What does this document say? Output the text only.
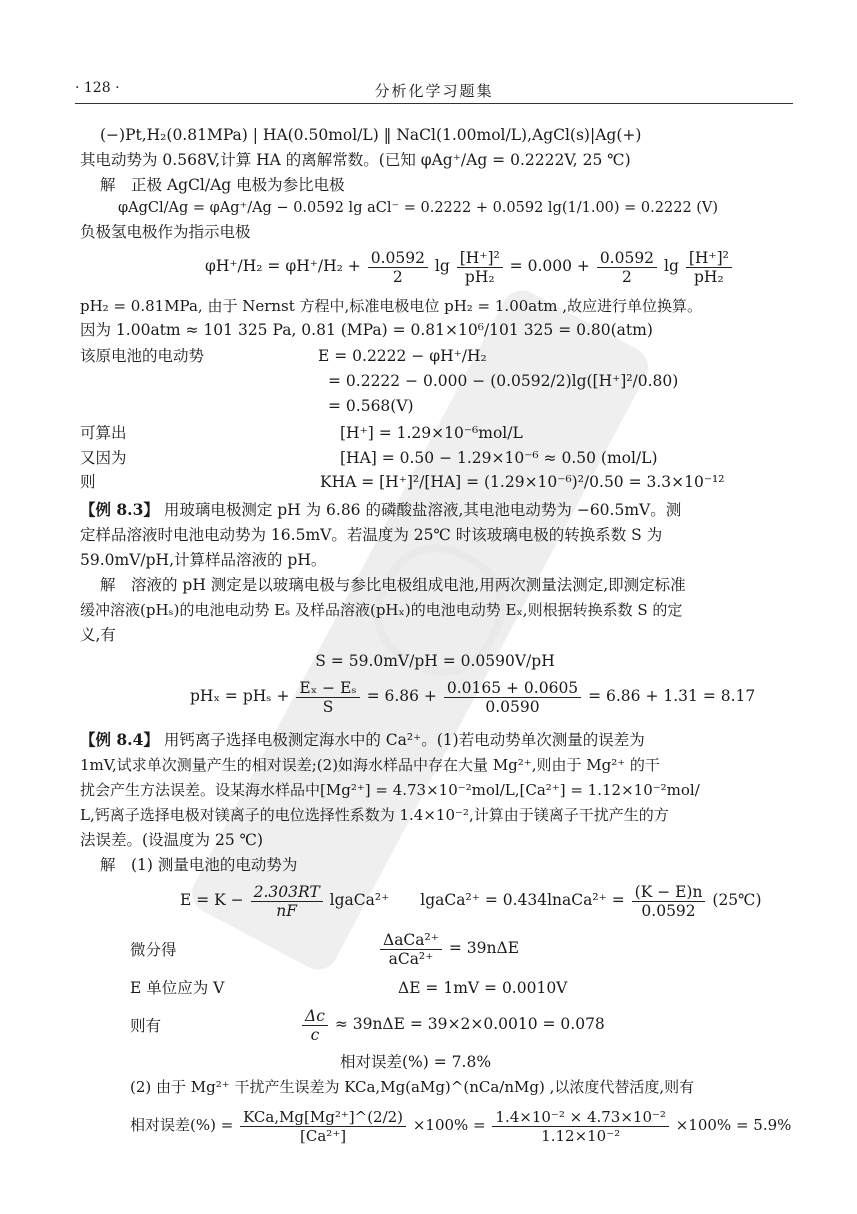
· 128 ·	分析化学习题集
(−)Pt,H₂(0.81MPa) | HA(0.50mol/L) ‖ NaCl(1.00mol/L),AgCl(s)|Ag(+)
其电动势为 0.568V,计算 HA 的离解常数。(已知 φAg⁺/Ag = 0.2222V, 25 ℃)
解　正极 AgCl/Ag 电极为参比电极
φAgCl/Ag = φAg⁺/Ag − 0.0592 lg aCl⁻ = 0.2222 + 0.0592 lg(1/1.00) = 0.2222 (V)
负极氢电极作为指示电极
$\varphi H^+/H_2 = \varphi H^+/H_2 + \frac{0.0592}{2}$ $\lg \frac{\text{[H⁺]²}}{\text{pH₂}} = 0.000 + \frac{0.0592}{2}$ $\lg \frac{\text{[H⁺]²}}{\text{pH₂}}$
pH₂ = 0.81MPa, 由于 Nernst 方程中,标准电极电位 pH₂ = 1.00atm ,故应进行单位换算。
因为 1.00atm ≈ 101 325 Pa, 0.81 (MPa) = 0.81×10⁶/101 325 = 0.80(atm)
该原电池的电动势	E = 0.2222 − φH⁺/H₂
= 0.2222 − 0.000 − (0.0592/2)lg([H⁺]²/0.80)
= 0.568(V)
可算出	[H⁺] = 1.29×10⁻⁶mol/L
又因为	[HA] = 0.50 − 1.29×10⁻⁶ ≈ 0.50 (mol/L)
则	KHA = [H⁺]²/[HA] = (1.29×10⁻⁶)²/0.50 = 3.3×10⁻¹²
【例 8.3】 用玻璃电极测定 pH 为 6.86 的磷酸盐溶液,其电池电动势为 −60.5mV。测
定样品溶液时电池电动势为 16.5mV。若温度为 25℃ 时该玻璃电极的转换系数 S 为
59.0mV/pH,计算样品溶液的 pH。
解　溶液的 pH 测定是以玻璃电极与参比电极组成电池,用两次测量法测定,即测定标准
缓冲溶液(pHₛ)的电池电动势 Eₛ 及样品溶液(pHₓ)的电池电动势 Eₓ,则根据转换系数 S 的定
义,有
S = 59.0mV/pH = 0.0590V/pH
$pH_x = pH_s + \frac{\text{Eₓ − Eₛ}}{S} = 6.86 + \frac{0.0165 + 0.0605}{0.0590} = 6.86 + 1.31 = 8.17$
【例 8.4】 用钙离子选择电极测定海水中的 Ca²⁺。(1)若电动势单次测量的误差为
1mV,试求单次测量产生的相对误差;(2)如海水样品中存在大量 Mg²⁺,则由于 Mg²⁺ 的干
扰会产生方法误差。设某海水样品中[Mg²⁺] = 4.73×10⁻²mol/L,[Ca²⁺] = 1.12×10⁻²mol/
L,钙离子选择电极对镁离子的电位选择性系数为 1.4×10⁻²,计算由于镁离子干扰产生的方
法误差。(设温度为 25 ℃)
解　(1) 测量电池的电动势为
$E = K - \frac{2.303RT}{nF}$ lgaCa²⁺　　lgaCa²⁺ = 0.434lnaCa²⁺ = $\frac{(K - E)n}{0.0592}$ (25℃)
微分得	$\frac{\text{ΔaCa²⁺}}{\text{aCa²⁺}} = 39n\Delta E$
E 单位应为 V	ΔE = 1mV = 0.0010V
则有	$\frac{\Delta c}{c} \approx 39n\Delta E = 39\times 2\times 0.0010 = 0.078$
相对误差(%) = 7.8%
(2) 由于 Mg²⁺ 干扰产生误差为 KCa,Mg(aMg)^(nCa/nMg) ,以浓度代替活度,则有
相对误差(%) = $\frac{\text{KCa,Mg[Mg²⁺]\textasciicircum{}(2/2)}}{\text{[Ca²⁺]}} \times 100\% = \frac{\text{1.4×10⁻² × 4.73×10⁻²}}{\text{1.12×10⁻²}} \times 100\% = 5.9\%$
